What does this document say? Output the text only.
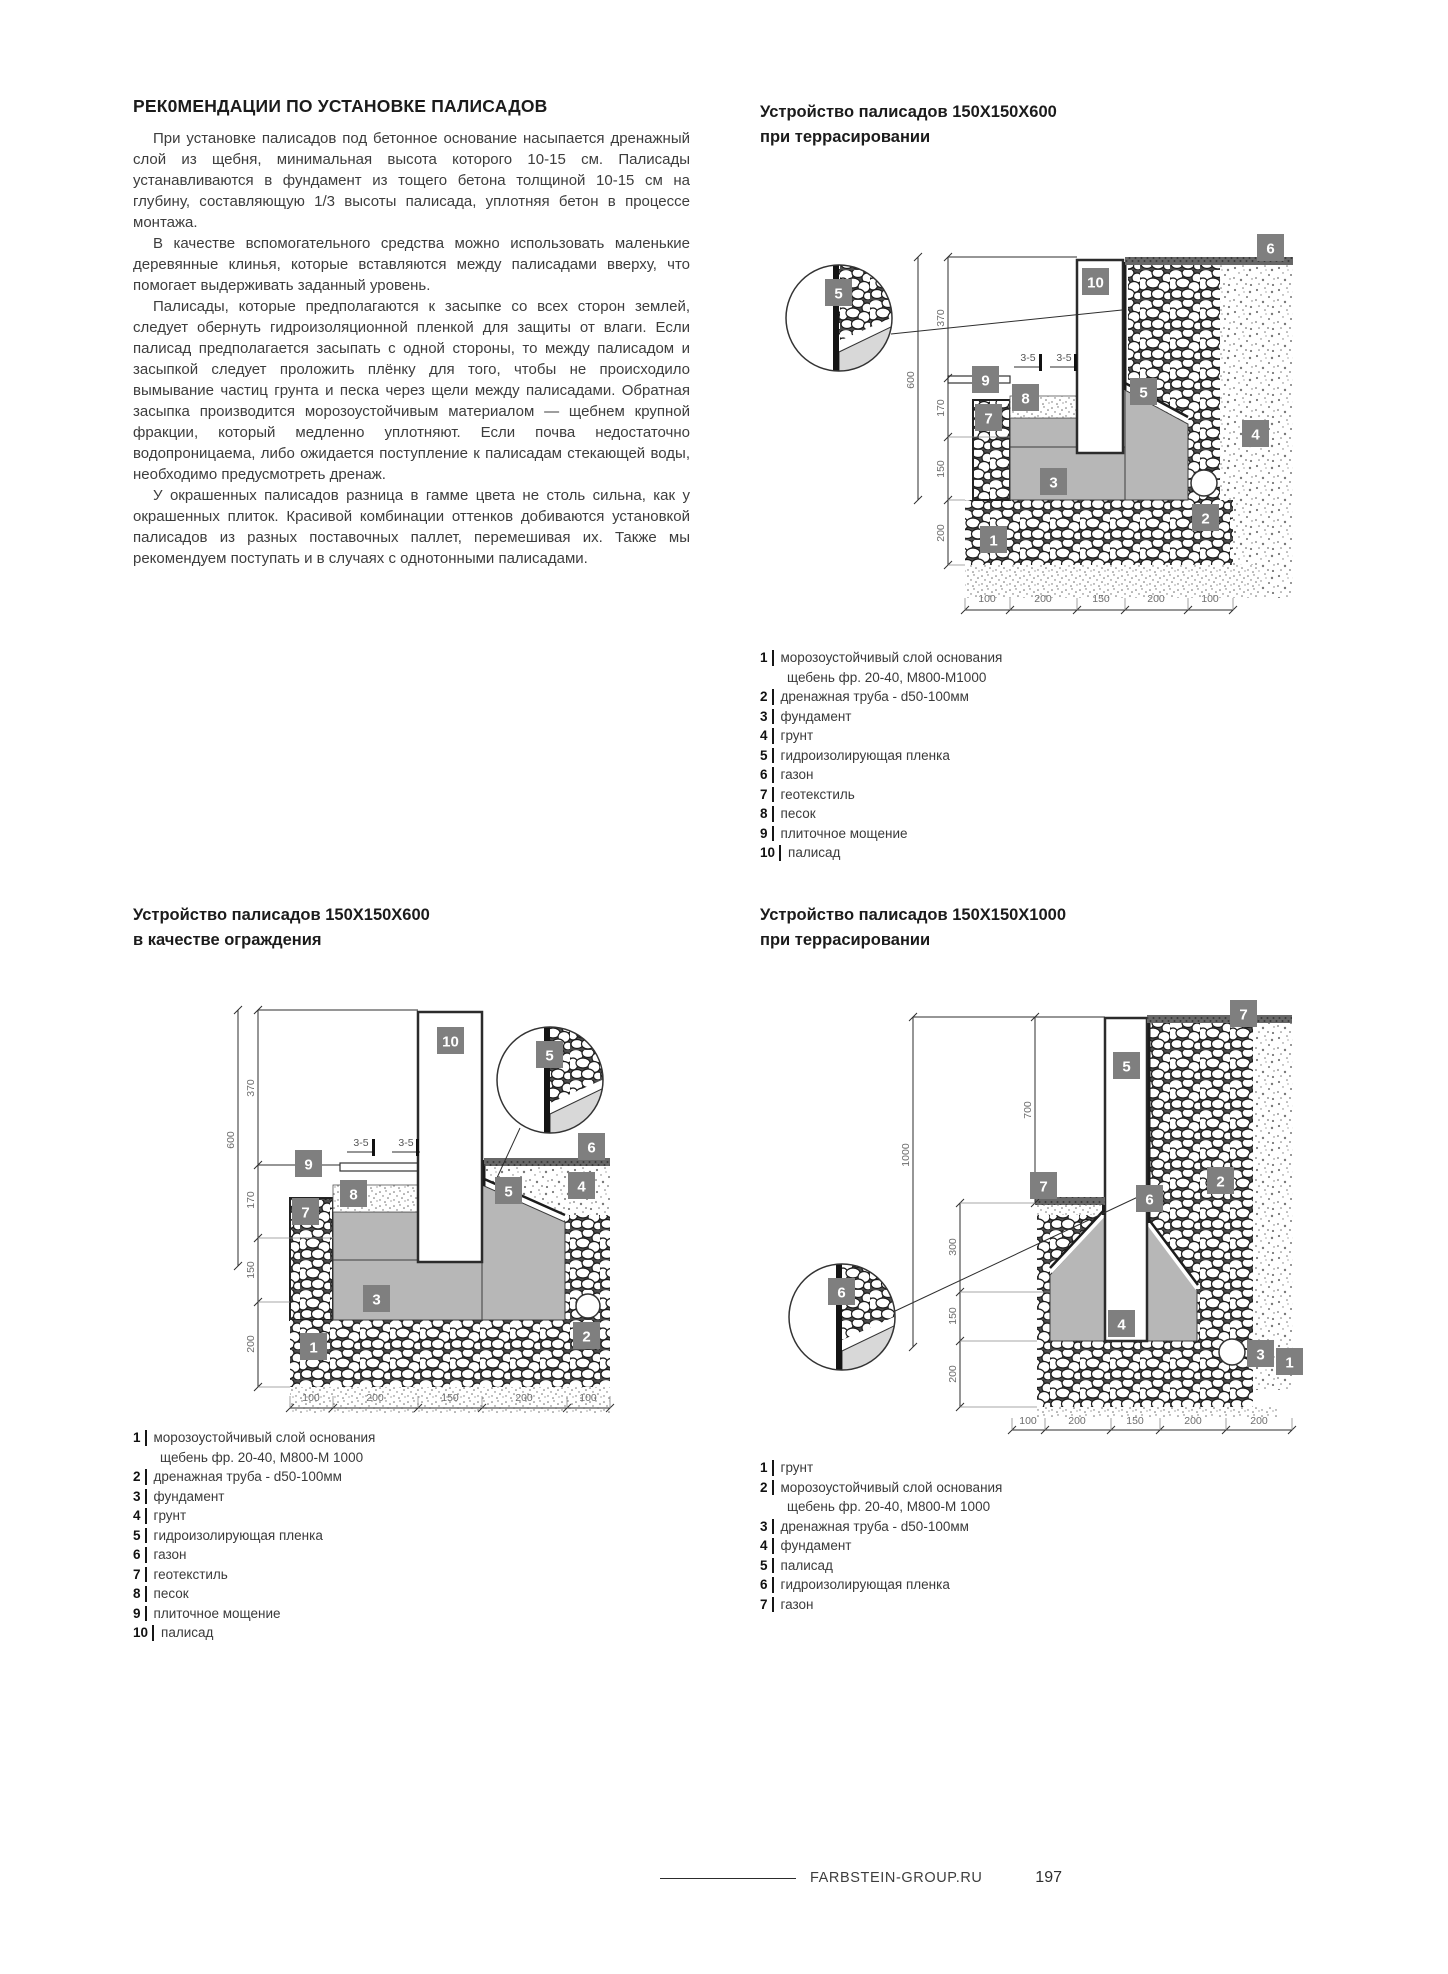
РЕК0МЕНДАЦИИ ПО УСТАНОВКЕ ПАЛИСАДОВ

При установке палисадов под бетонное основание насыпается дренажный слой из щебня, минимальная высота которого 10-15 см. Палисады устанавливаются в фундамент из тощего бетона толщиной 10-15 см на глубину, составляющую 1/3 высоты палисада, уплотняя бетон в процессе монтажа.

В качестве вспомогательного средства можно использовать маленькие деревянные клинья, которые вставляются между палисадами вверху, что помогает выдерживать заданный уровень.

Палисады, которые предполагаются к засыпке со всех сторон землей, следует обернуть гидроизоляционной пленкой для защиты от влаги. Если палисад предполагается засыпать с одной стороны, то между палисадом и засыпкой следует проложить плёнку для того, чтобы не происходило вымывание частиц грунта и песка через щели между палисадами. Обратная засыпка производится морозоустойчивым материалом — щебнем крупной фракции, который медленно уплотняют. Если почва недостаточно водопроницаема, либо ожидается поступление к палисадам стекающей воды, необходимо предусмотреть дренаж.

У окрашенных палисадов разница в гамме цвета не столь сильна, как у окрашенных плиток. Красивой комбинации оттенков добиваются установкой палисадов из разных поставочных паллет, перемешивая их. Также мы рекомендуем поступать и в случаях с однотонными палисадами.

Устройство палисадов 150X150X600
при террасировании
370
600
170
150
200
100	200	150	200	100
3-5 3-5
5
10
6
9
8
7
3
1
2
5
4
1 морозоустойчивый слой основания
щебень фр. 20-40, М800-М1000
2 дренажная труба - d50-100мм
3 фундамент
4 грунт
5 гидроизолирующая пленка
6 газон
7 геотекстиль
8 песок
9 плиточное мощение
10 палисад
Устройство палисадов 150X150X600
в качестве ограждения
370
600
170
150
200
100	200	150	200	100
3-5	3-5
5
10
6
9
8
7
3
1
2
5	4
1 морозоустойчивый слой основания
щебень фр. 20-40, М800-М 1000
2 дренажная труба - d50-100мм
3 фундамент
4 грунт
5 гидроизолирующая пленка
6 газон
7 геотекстиль
8 песок
9 плиточное мощение
10 палисад
Устройство палисадов 150X150X1000
при террасировании
1000
700
300
150
200
100	200	150	200	200
6
5
7
7	2
6
4
3 1
1 грунт
2 морозоустойчивый слой основания
щебень фр. 20-40, М800-М 1000
3 дренажная труба - d50-100мм
4 фундамент
5 палисад
6 гидроизолирующая пленка
7 газон
FARBSTEIN-GROUP.RU	197
